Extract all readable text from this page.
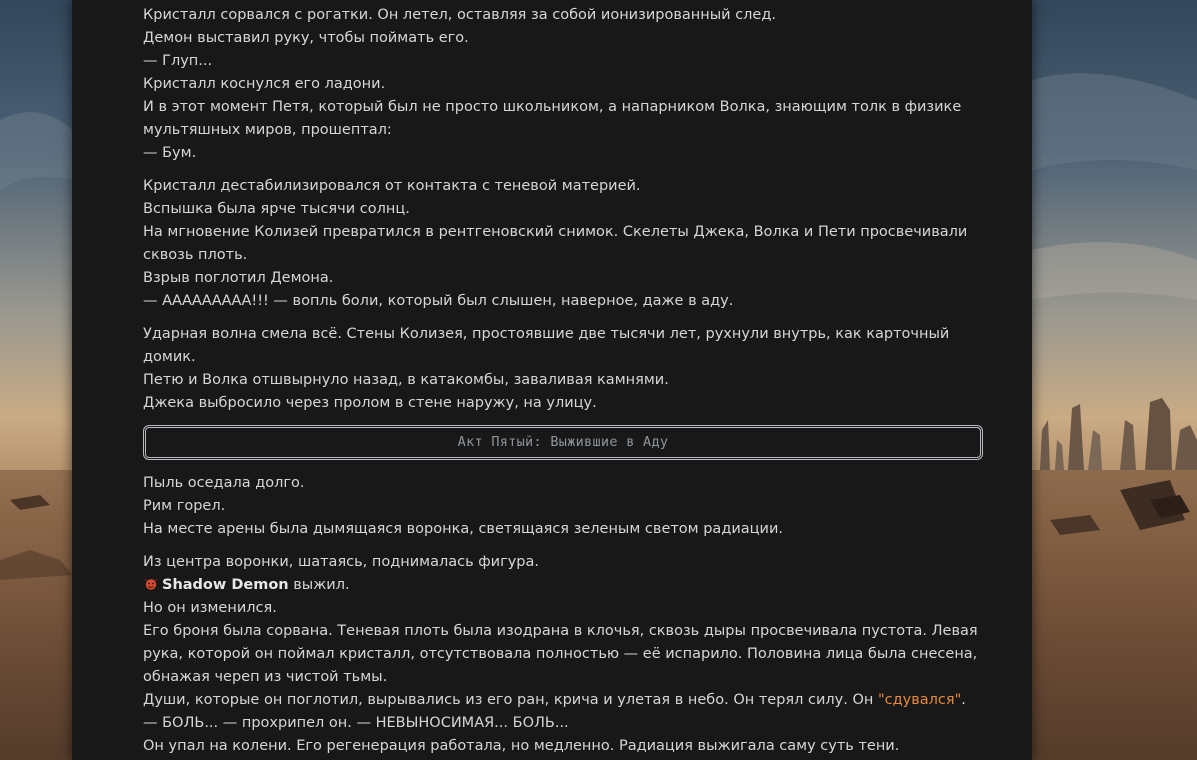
Кристалл сорвался с рогатки. Он летел, оставляя за собой ионизированный след.
Демон выставил руку, чтобы поймать его.
— Глуп...
Кристалл коснулся его ладони.
И в этот момент Петя, который был не просто школьником, а напарником Волка, знающим толк в физике
мультяшных миров, прошептал:
— Бум.
Кристалл дестабилизировался от контакта с теневой материей.
Вспышка была ярче тысячи солнц.
На мгновение Колизей превратился в рентгеновский снимок. Скелеты Джека, Волка и Пети просвечивали
сквозь плоть.
Взрыв поглотил Демона.
— ААААААААА!!! — вопль боли, который был слышен, наверное, даже в аду.
Ударная волна смела всё. Стены Колизея, простоявшие две тысячи лет, рухнули внутрь, как карточный
домик.
Петю и Волка отшвырнуло назад, в катакомбы, заваливая камнями.
Джека выбросило через пролом в стене наружу, на улицу.
Акт Пятый: Выжившие в Аду
Пыль оседала долго.
Рим горел.
На месте арены была дымящаяся воронка, светящаяся зеленым светом радиации.
Из центра воронки, шатаясь, поднималась фигура.
Shadow Demon выжил.
Но он изменился.
Его броня была сорвана. Теневая плоть была изодрана в клочья, сквозь дыры просвечивала пустота. Левая
рука, которой он поймал кристалл, отсутствовала полностью — её испарило. Половина лица была снесена,
обнажая череп из чистой тьмы.
Души, которые он поглотил, вырывались из его ран, крича и улетая в небо. Он терял силу. Он "сдувался".
— БОЛЬ... — прохрипел он. — НЕВЫНОСИМАЯ... БОЛЬ...
Он упал на колени. Его регенерация работала, но медленно. Радиация выжигала саму суть тени.
